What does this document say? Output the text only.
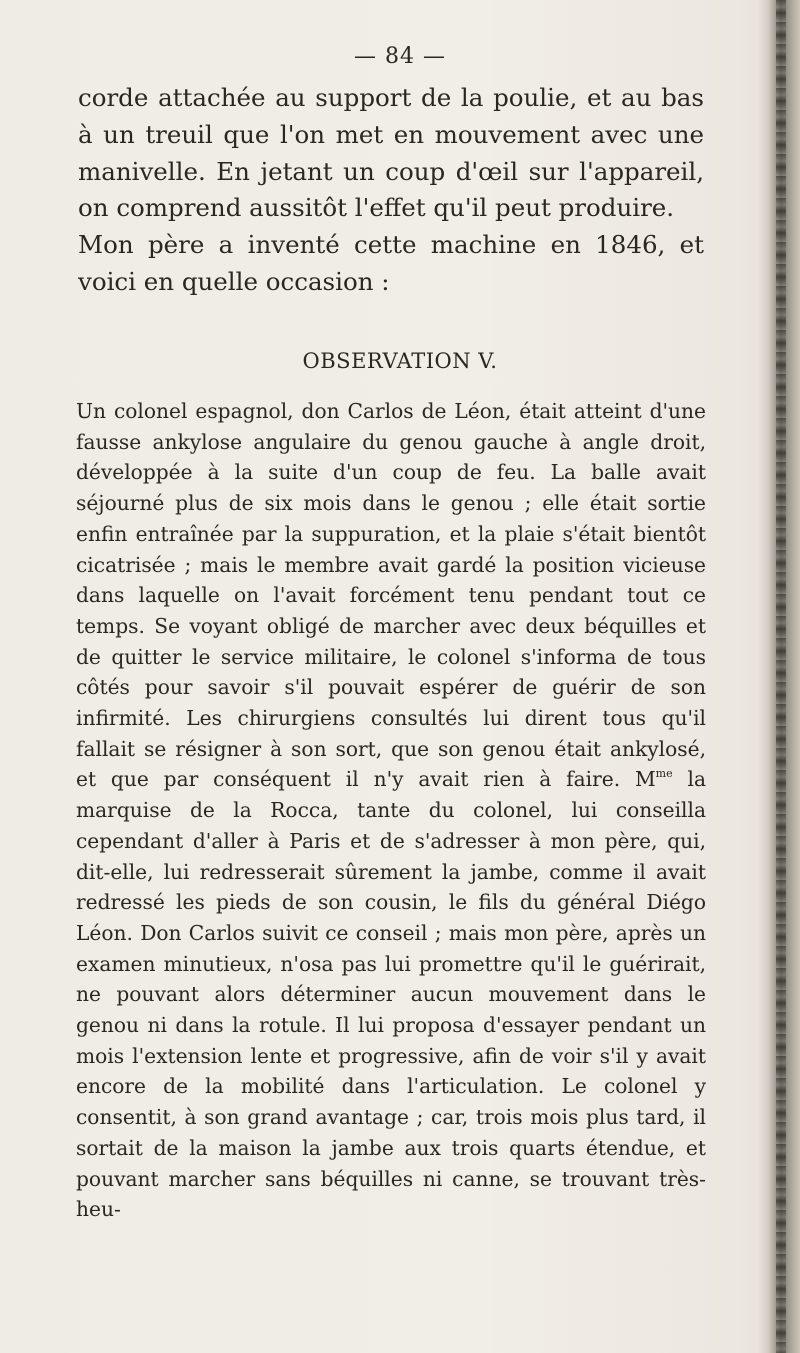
— 84 —

corde attachée au support de la poulie, et au bas à un treuil que l'on met en mouvement avec une manivelle. En jetant un coup d'œil sur l'appareil, on comprend aussitôt l'effet qu'il peut produire.

Mon père a inventé cette machine en 1846, et voici en quelle occasion :

OBSERVATION V.

Un colonel espagnol, don Carlos de Léon, était atteint d'une fausse ankylose angulaire du genou gauche à angle droit, développée à la suite d'un coup de feu. La balle avait séjourné plus de six mois dans le genou ; elle était sortie enfin entraînée par la suppuration, et la plaie s'était bientôt cicatrisée ; mais le membre avait gardé la position vicieuse dans laquelle on l'avait forcément tenu pendant tout ce temps. Se voyant obligé de marcher avec deux béquilles et de quitter le service militaire, le colonel s'informa de tous côtés pour savoir s'il pouvait espérer de guérir de son infirmité. Les chirurgiens consultés lui dirent tous qu'il fallait se résigner à son sort, que son genou était ankylosé, et que par conséquent il n'y avait rien à faire. $M^{me}$ la marquise de la Rocca, tante du colonel, lui conseilla cependant d'aller à Paris et de s'adresser à mon père, qui, dit-elle, lui redresserait sûrement la jambe, comme il avait redressé les pieds de son cousin, le fils du général Diégo Léon. Don Carlos suivit ce conseil ; mais mon père, après un examen minutieux, n'osa pas lui promettre qu'il le guérirait, ne pouvant alors déterminer aucun mouvement dans le genou ni dans la rotule. Il lui proposa d'essayer pendant un mois l'extension lente et progressive, afin de voir s'il y avait encore de la mobilité dans l'articulation. Le colonel y consentit, à son grand avantage ; car, trois mois plus tard, il sortait de la maison la jambe aux trois quarts étendue, et pouvant marcher sans béquilles ni canne, se trouvant très-heu-
